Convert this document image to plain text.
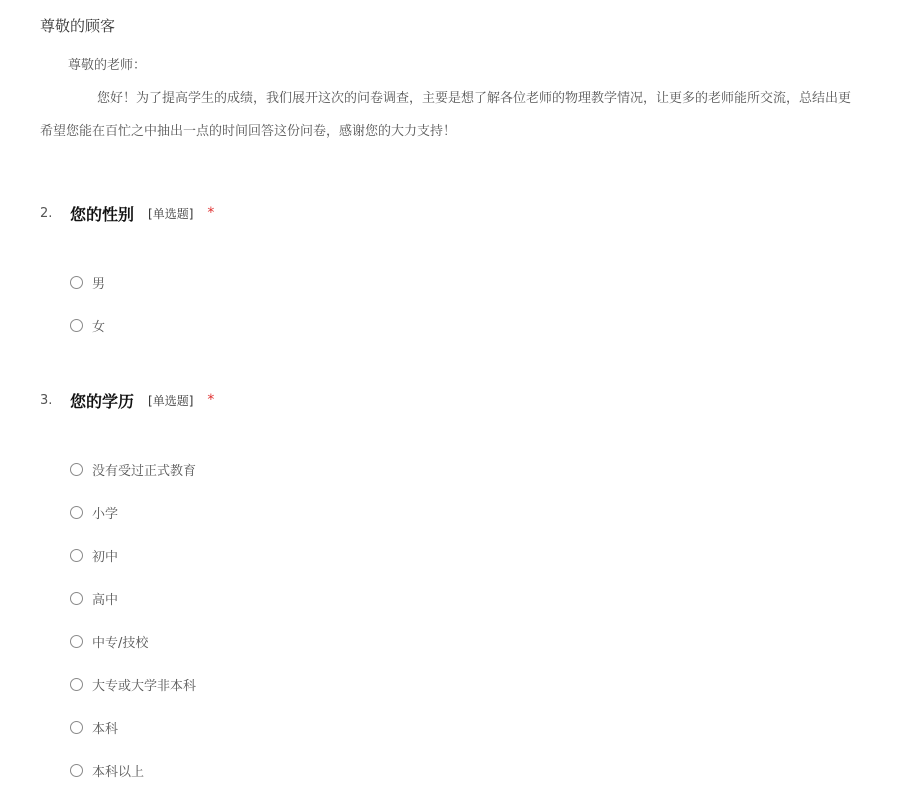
尊敬的顾客
尊敬的老师：
您好！为了提高学生的成绩，我们展开这次的问卷调查，主要是想了解各位老师的物理教学情况，让更多的老师能所交流，总结出更
希望您能在百忙之中抽出一点的时间回答这份问卷，感谢您的大力支持！
2.	您的性别 [单选题] *
男
女
3.	您的学历 [单选题] *
没有受过正式教育
小学
初中
高中
中专/技校
大专或大学非本科
本科
本科以上
